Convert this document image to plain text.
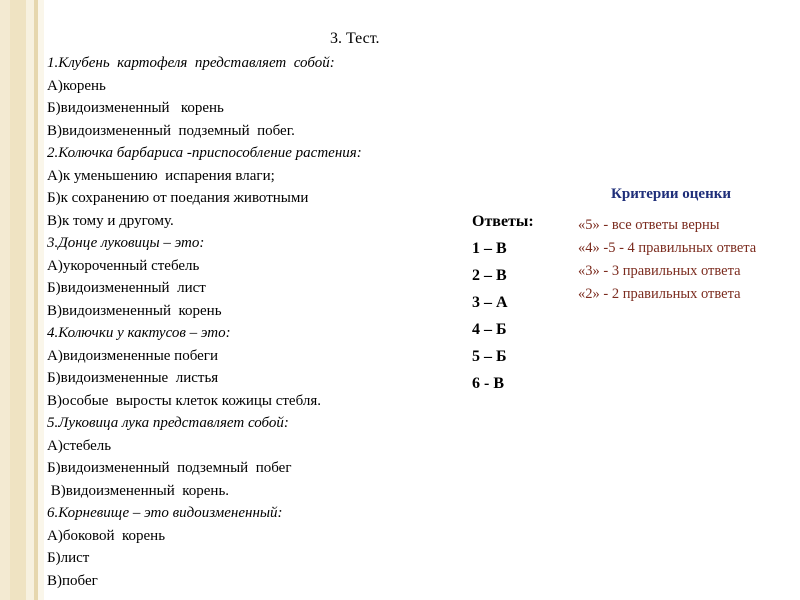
3. Тест.
1.Клубень  картофеля  представляет  собой:
А)корень
Б)видоизмененный   корень
В)видоизмененный  подземный  побег.
2.Колючка барбариса -приспособление растения:
А)к уменьшению  испарения влаги;
Б)к сохранению от поедания животными
В)к тому и другому.
3.Донце луковицы – это:
А)укороченный стебель
Б)видоизмененный  лист
В)видоизмененный  корень
4.Колючки у кактусов – это:
А)видоизмененные побеги
Б)видоизмененные  листья
В)особые  выросты клеток кожицы стебля.
5.Луковица лука представляет собой:
А)стебель
Б)видоизмененный  подземный  побег
В)видоизмененный  корень.
6.Корневище – это видоизмененный:
А)боковой  корень
Б)лист
В)побег
Ответы:
1 – В
2 – В
3 – А
4 – Б
5 – Б
6 - В
Критерии оценки
«5» - все ответы верны
«4» -5 - 4 правильных ответа
«3» - 3 правильных ответа
«2» - 2 правильных ответа
